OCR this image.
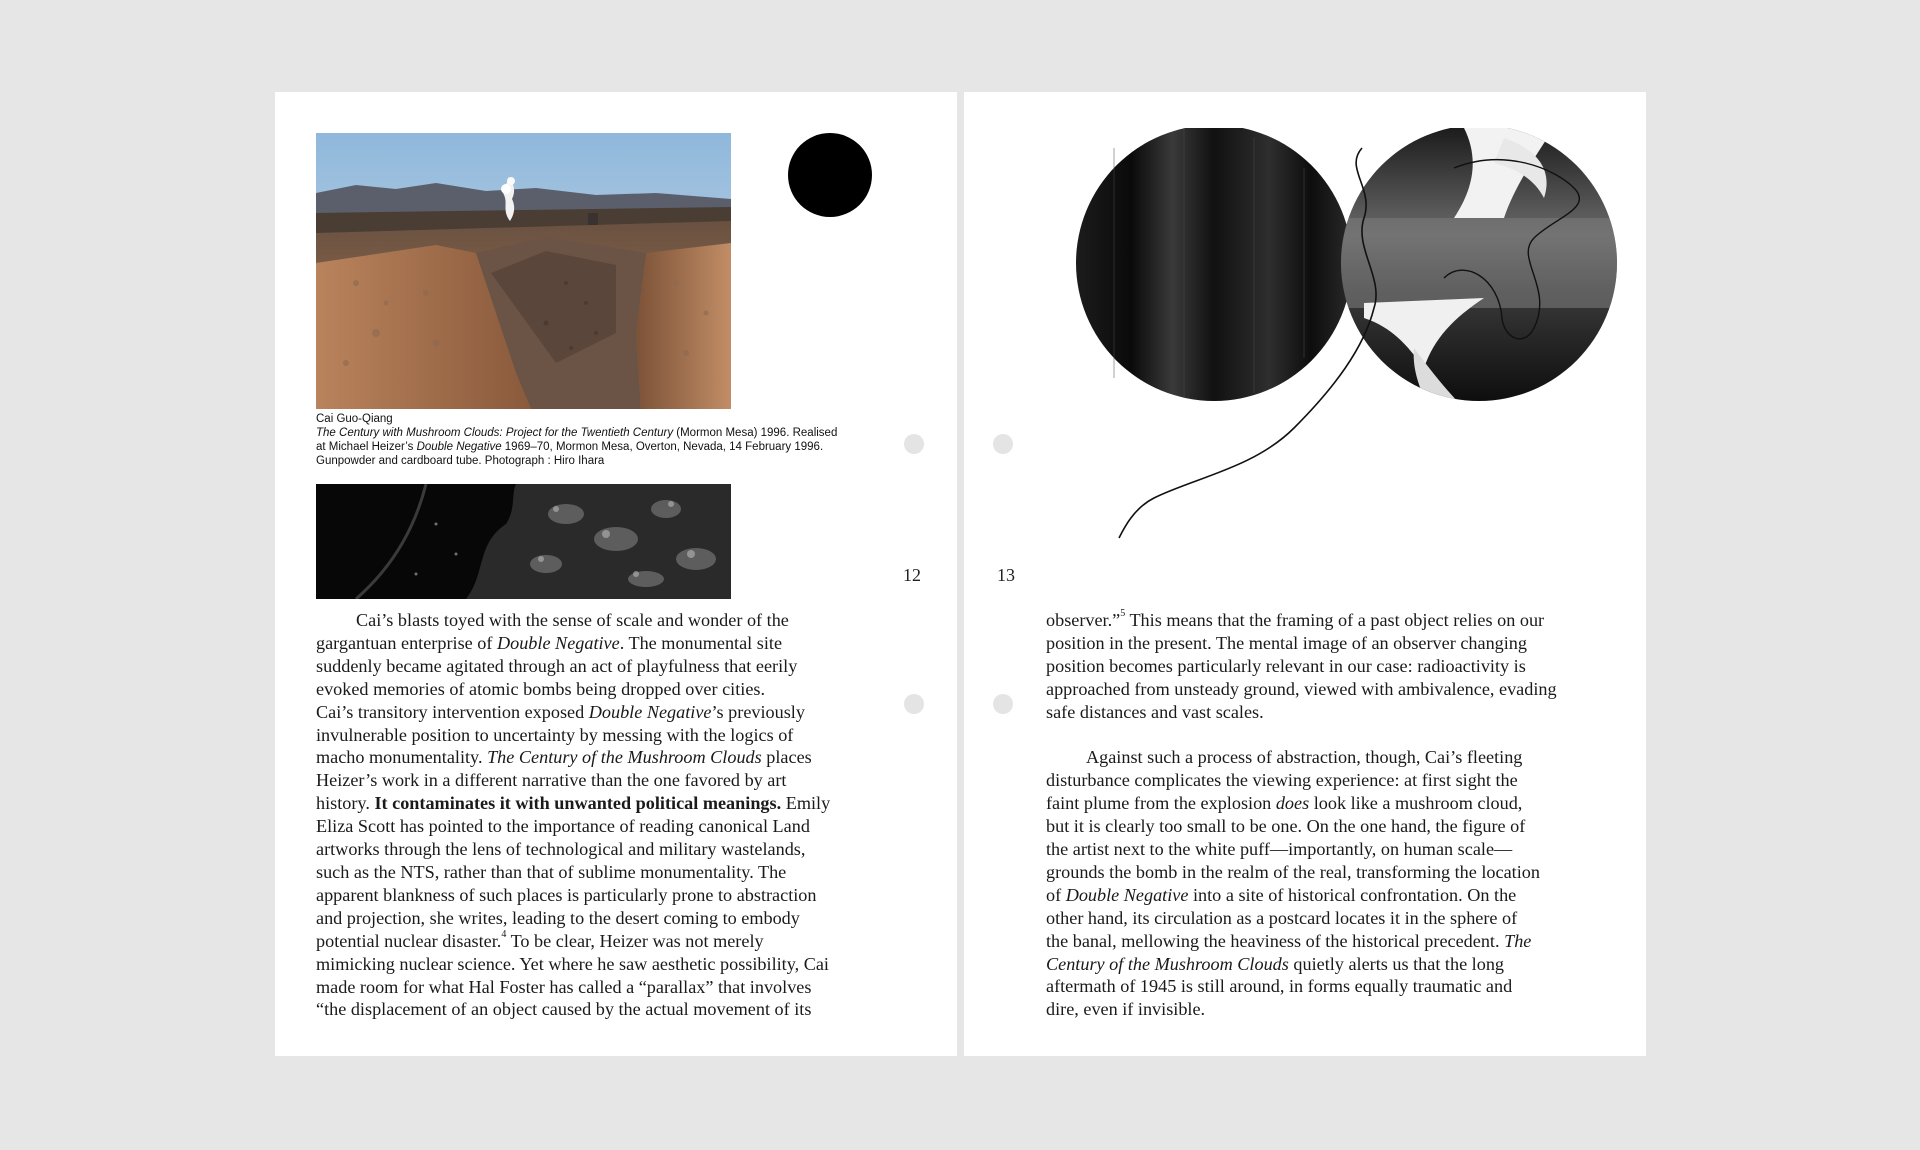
Cai Guo-Qiang

The Century with Mushroom Clouds: Project for the Twentieth Century (Mormon Mesa) 1996. Realised

at Michael Heizer’s Double Negative 1969–70, Mormon Mesa, Overton, Nevada, 14 February 1996.

Gunpowder and cardboard tube. Photograph : Hiro Ihara

12

Cai’s blasts toyed with the sense of scale and wonder of the

gargantuan enterprise of Double Negative. The monumental site

suddenly became agitated through an act of playfulness that eerily

evoked memories of atomic bombs being dropped over cities.

Cai’s transitory intervention exposed Double Negative’s previously

invulnerable position to uncertainty by messing with the logics of

macho monumentality. The Century of the Mushroom Clouds places

Heizer’s work in a different narrative than the one favored by art

history. It contaminates it with unwanted political meanings. Emily

Eliza Scott has pointed to the importance of reading canonical Land

artworks through the lens of technological and military wastelands,

such as the NTS, rather than that of sublime monumentality. The

apparent blankness of such places is particularly prone to abstraction

and projection, she writes, leading to the desert coming to embody

potential nuclear disaster.$^4$ To be clear, Heizer was not merely

mimicking nuclear science. Yet where he saw aesthetic possibility, Cai

made room for what Hal Foster has called a “parallax” that involves

“the displacement of an object caused by the actual movement of its

13

observer.”$^5$ This means that the framing of a past object relies on our

position in the present. The mental image of an observer changing

position becomes particularly relevant in our case: radioactivity is

approached from unsteady ground, viewed with ambivalence, evading

safe distances and vast scales.

Against such a process of abstraction, though, Cai’s fleeting

disturbance complicates the viewing experience: at first sight the

faint plume from the explosion does look like a mushroom cloud,

but it is clearly too small to be one. On the one hand, the figure of

the artist next to the white puff—importantly, on human scale—

grounds the bomb in the realm of the real, transforming the location

of Double Negative into a site of historical confrontation. On the

other hand, its circulation as a postcard locates it in the sphere of

the banal, mellowing the heaviness of the historical precedent. The

Century of the Mushroom Clouds quietly alerts us that the long

aftermath of 1945 is still around, in forms equally traumatic and

dire, even if invisible.
